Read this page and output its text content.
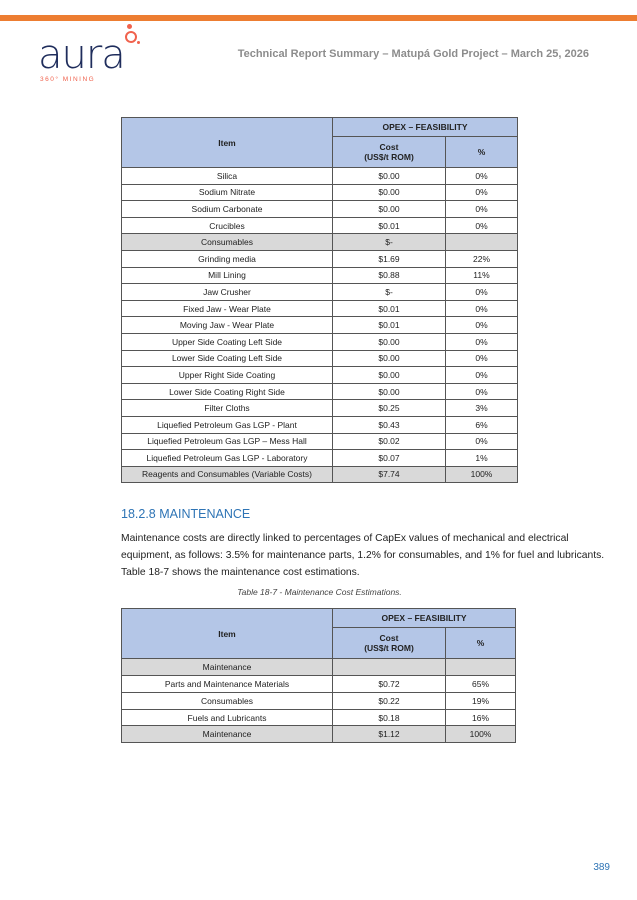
aura
360° MINING
Technical Report Summary – Matupá Gold Project – March 25, 2026
Item	OPEX – FEASIBILITY	
	Cost
(US$/t ROM)	%
Silica	$0.00	0%
Sodium Nitrate	$0.00	0%
Sodium Carbonate	$0.00	0%
Crucibles	$0.01	0%
Consumables	$-	
Grinding media	$1.69	22%
Mill Lining	$0.88	11%
Jaw Crusher	$-	0%
Fixed Jaw - Wear Plate	$0.01	0%
Moving Jaw - Wear Plate	$0.01	0%
Upper Side Coating Left Side	$0.00	0%
Lower Side Coating Left Side	$0.00	0%
Upper Right Side Coating	$0.00	0%
Lower Side Coating Right Side	$0.00	0%
Filter Cloths	$0.25	3%
Liquefied Petroleum Gas LGP - Plant	$0.43	6%
Liquefied Petroleum Gas LGP – Mess Hall	$0.02	0%
Liquefied Petroleum Gas LGP - Laboratory	$0.07	1%
Reagents and Consumables (Variable Costs)	$7.74	100%
18.2.8 MAINTENANCE
Maintenance costs are directly linked to percentages of CapEx values of mechanical and electrical equipment, as follows: 3.5% for maintenance parts, 1.2% for consumables, and 1% for fuel and lubricants. Table 18-7 shows the maintenance cost estimations.
Table 18-7 - Maintenance Cost Estimations.
Item	OPEX – FEASIBILITY	
	Cost
(US$/t ROM)	%
Maintenance		
Parts and Maintenance Materials	$0.72	65%
Consumables	$0.22	19%
Fuels and Lubricants	$0.18	16%
Maintenance	$1.12	100%
389
